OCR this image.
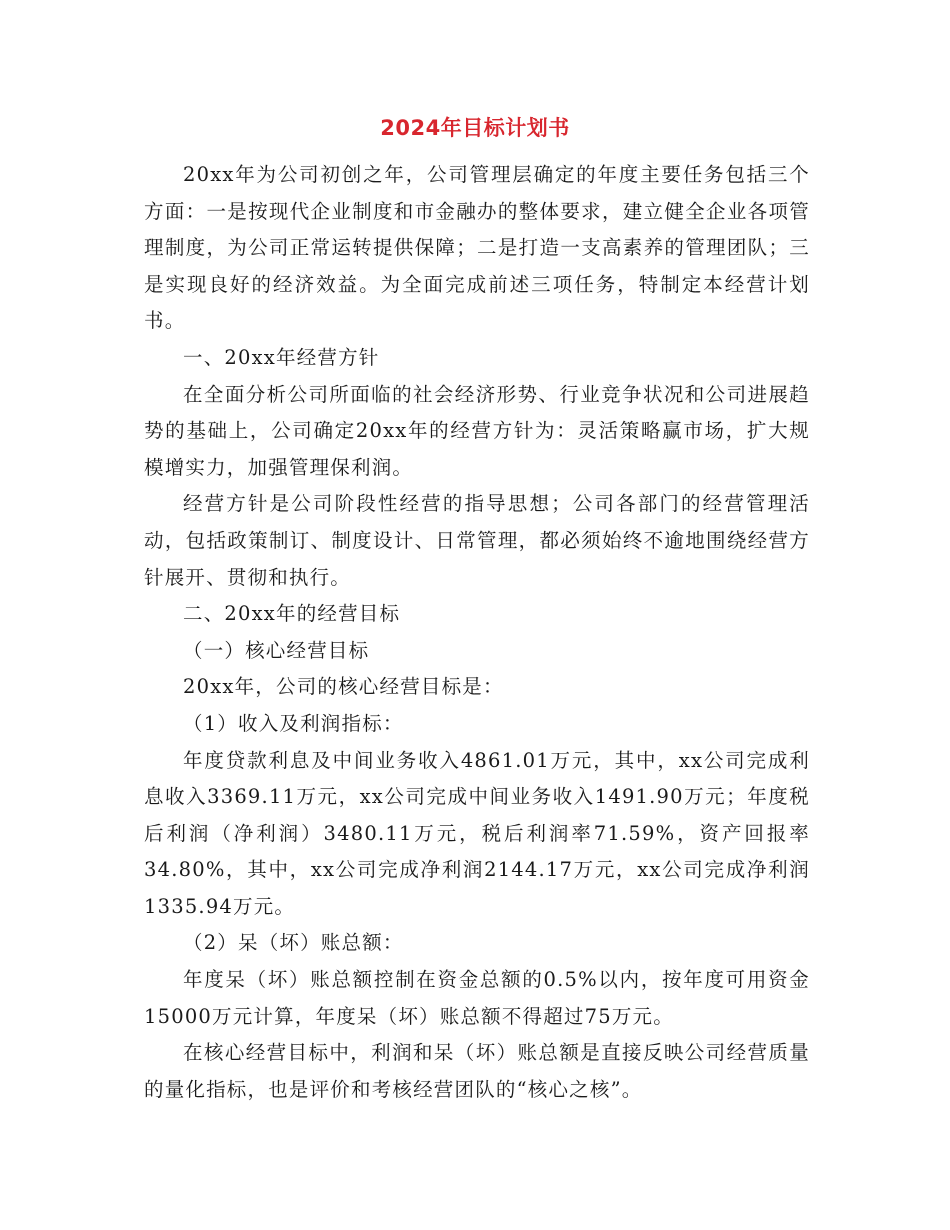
2024年目标计划书

20xx年为公司初创之年，公司管理层确定的年度主要任务包括三个方面：一是按现代企业制度和市金融办的整体要求，建立健全企业各项管理制度，为公司正常运转提供保障；二是打造一支高素养的管理团队；三是实现良好的经济效益。为全面完成前述三项任务，特制定本经营计划书。

一、20xx年经营方针

在全面分析公司所面临的社会经济形势、行业竞争状况和公司进展趋势的基础上，公司确定20xx年的经营方针为：灵活策略赢市场，扩大规模增实力，加强管理保利润。

经营方针是公司阶段性经营的指导思想；公司各部门的经营管理活动，包括政策制订、制度设计、日常管理，都必须始终不逾地围绕经营方针展开、贯彻和执行。

二、20xx年的经营目标

（一）核心经营目标

20xx年，公司的核心经营目标是：

（1）收入及利润指标：

年度贷款利息及中间业务收入4861.01万元，其中，xx公司完成利息收入3369.11万元，xx公司完成中间业务收入1491.90万元；年度税后利润（净利润）3480.11万元，税后利润率71.59%，资产回报率34.80%，其中，xx公司完成净利润2144.17万元，xx公司完成净利润1335.94万元。

（2）呆（坏）账总额：

年度呆（坏）账总额控制在资金总额的0.5%以内，按年度可用资金15000万元计算，年度呆（坏）账总额不得超过75万元。

在核心经营目标中，利润和呆（坏）账总额是直接反映公司经营质量的量化指标，也是评价和考核经营团队的“核心之核”。
